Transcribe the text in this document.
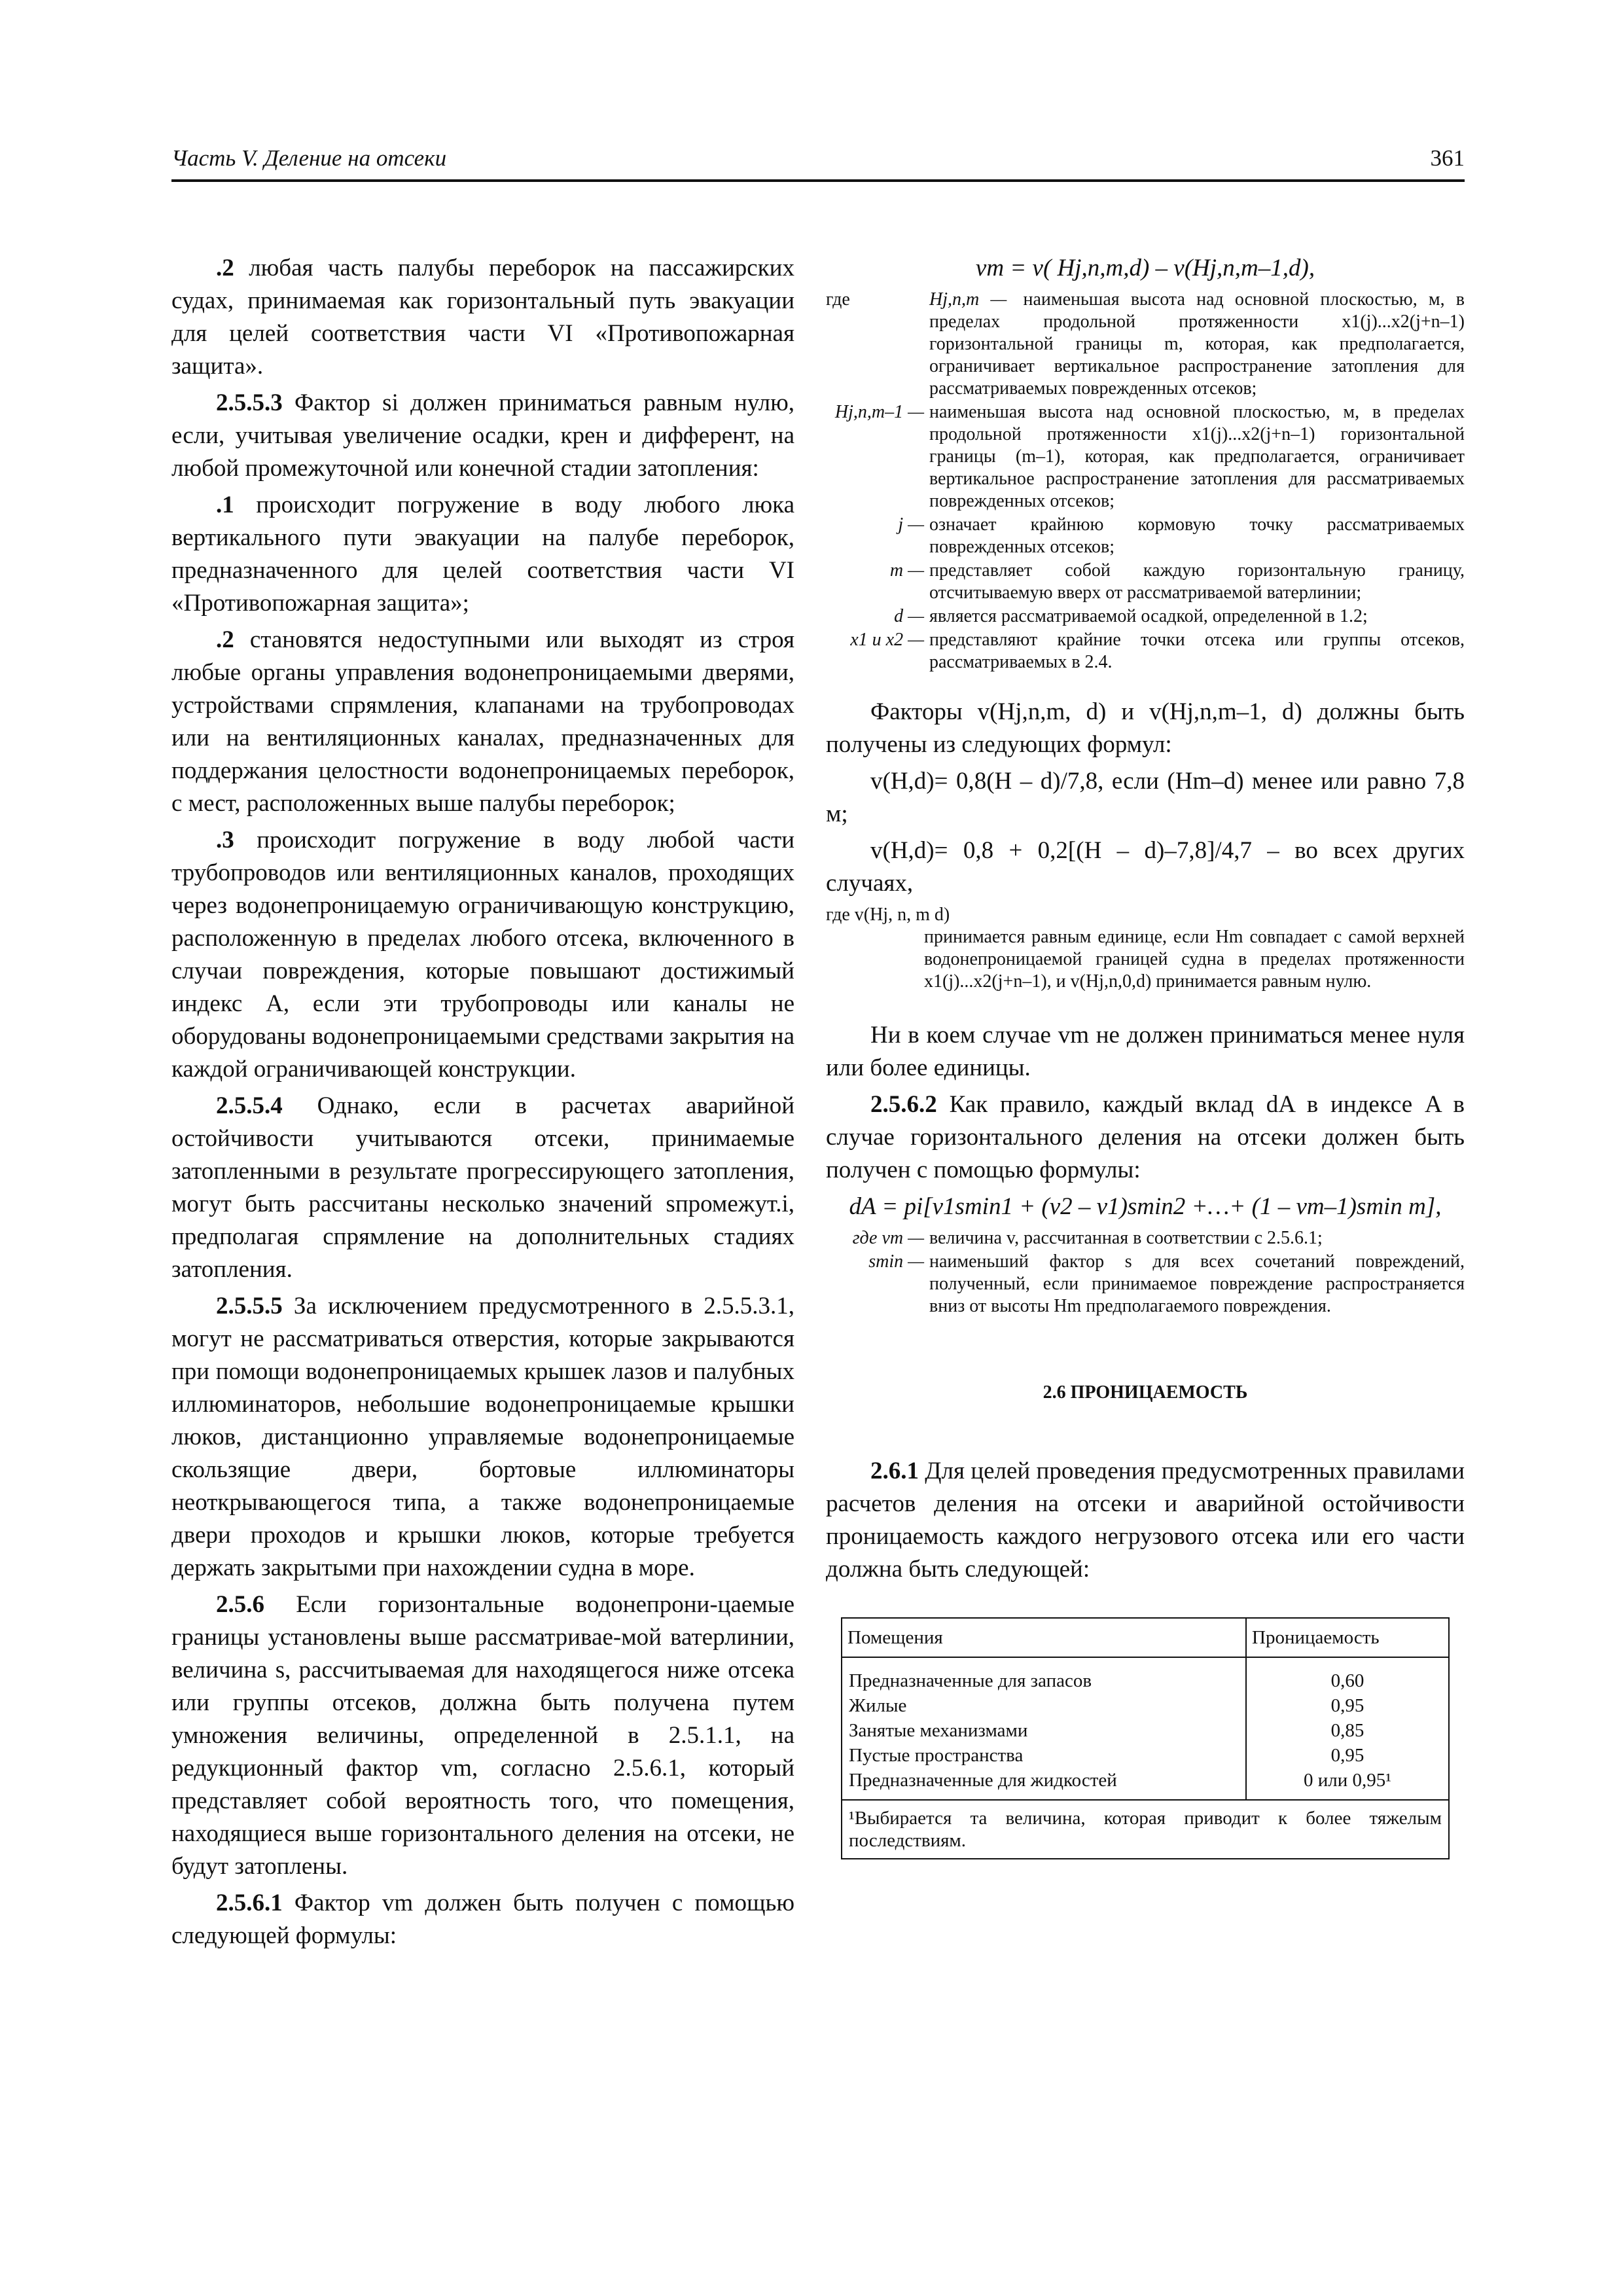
Часть V. Деление на отсеки	361

.2 любая часть палубы переборок на пассажирских судах, принимаемая как горизонтальный путь эвакуации для целей соответствия части VI «Противопожарная защита».

2.5.5.3 Фактор si должен приниматься равным нулю, если, учитывая увеличение осадки, крен и дифферент, на любой промежуточной или конечной стадии затопления:

.1 происходит погружение в воду любого люка вертикального пути эвакуации на палубе переборок, предназначенного для целей соответствия части VI «Противопожарная защита»;

.2 становятся недоступными или выходят из строя любые органы управления водонепроницаемыми дверями, устройствами спрямления, клапанами на трубопроводах или на вентиляционных каналах, предназначенных для поддержания целостности водонепроницаемых переборок, с мест, расположенных выше палубы переборок;

.3 происходит погружение в воду любой части трубопроводов или вентиляционных каналов, проходящих через водонепроницаемую ограничивающую конструкцию, расположенную в пределах любого отсека, включенного в случаи повреждения, которые повышают достижимый индекс A, если эти трубопроводы или каналы не оборудованы водонепроницаемыми средствами закрытия на каждой ограничивающей конструкции.

2.5.5.4 Однако, если в расчетах аварийной остойчивости учитываются отсеки, принимаемые затопленными в результате прогрессирующего затопления, могут быть рассчитаны несколько значений sпромежут.i, предполагая спрямление на дополнительных стадиях затопления.

2.5.5.5 За исключением предусмотренного в 2.5.5.3.1, могут не рассматриваться отверстия, которые закрываются при помощи водонепроницаемых крышек лазов и палубных иллюминаторов, небольшие водонепроницаемые крышки люков, дистанционно управляемые водонепроницаемые скользящие двери, бортовые иллюминаторы неоткрывающегося типа, а также водонепроницаемые двери проходов и крышки люков, которые требуется держать закрытыми при нахождении судна в море.

2.5.6 Если горизонтальные водонепрони-цаемые границы установлены выше рассматривае-мой ватерлинии, величина s, рассчитываемая для находящегося ниже отсека или группы отсеков, должна быть получена путем умножения величины, определенной в 2.5.1.1, на редукционный фактор vm, согласно 2.5.6.1, который представляет собой вероятность того, что помещения, находящиеся выше горизонтального деления на отсеки, не будут затоплены.

2.5.6.1 Фактор vm должен быть получен с помощью следующей формулы:

vm = v( Hj,n,m,d) – v(Hj,n,m–1,d),
где	Hj,n,m — наименьшая высота над основной плоскостью, м, в пределах продольной протяженности x1(j)...x2(j+n–1) горизонтальной границы m, которая, как предполагается, ограничивает вертикальное распространение затопления для рассматриваемых поврежденных отсеков;
Hj,n,m–1 — наименьшая высота над основной плоскостью, м, в пределах продольной протяженности x1(j)...x2(j+n–1) горизонтальной границы (m–1), которая, как предполагается, ограничивает вертикальное распространение затопления для рассматриваемых поврежденных отсеков;
j — означает крайнюю кормовую точку рассматриваемых поврежденных отсеков;
m — представляет собой каждую горизонтальную границу, отсчитываемую вверх от рассматриваемой ватерлинии;
d — является рассматриваемой осадкой, определенной в 1.2;
x1 и x2 — представляют крайние точки отсека или группы отсеков, рассматриваемых в 2.4.

Факторы v(Hj,n,m, d) и v(Hj,n,m–1, d) должны быть получены из следующих формул:

v(H,d)= 0,8(H – d)/7,8, если (Hm–d) менее или равно 7,8 м;

v(H,d)= 0,8 + 0,2[(H – d)–7,8]/4,7 – во всех других случаях,

где v(Hj, n, m d)
принимается равным единице, если Hm совпадает с самой верхней водонепроницаемой границей судна в пределах протяженности x1(j)...x2(j+n–1), и v(Hj,n,0,d) принимается равным нулю.

Ни в коем случае vm не должен приниматься менее нуля или более единицы.

2.5.6.2 Как правило, каждый вклад dA в индексе A в случае горизонтального деления на отсеки должен быть получен с помощью формулы:

dA = pi[v1smin1 + (v2 – v1)smin2 +…+ (1 – vm–1)smin m],
где vm — величина v, рассчитанная в соответствии с 2.5.6.1;
smin — наименьший фактор s для всех сочетаний повреждений, полученный, если принимаемое повреждение распространяется вниз от высоты Hm предполагаемого повреждения.
2.6 ПРОНИЦАЕМОСТЬ

2.6.1 Для целей проведения предусмотренных правилами расчетов деления на отсеки и аварийной остойчивости проницаемость каждого негрузового отсека или его части должна быть следующей:

Помещения	Проницаемость
Предназначенные для запасов	0,60
Жилые	0,95
Занятые механизмами	0,85
Пустые пространства	0,95
Предназначенные для жидкостей	0 или 0,95¹
¹Выбирается та величина, которая приводит к более тяжелым последствиям.	
